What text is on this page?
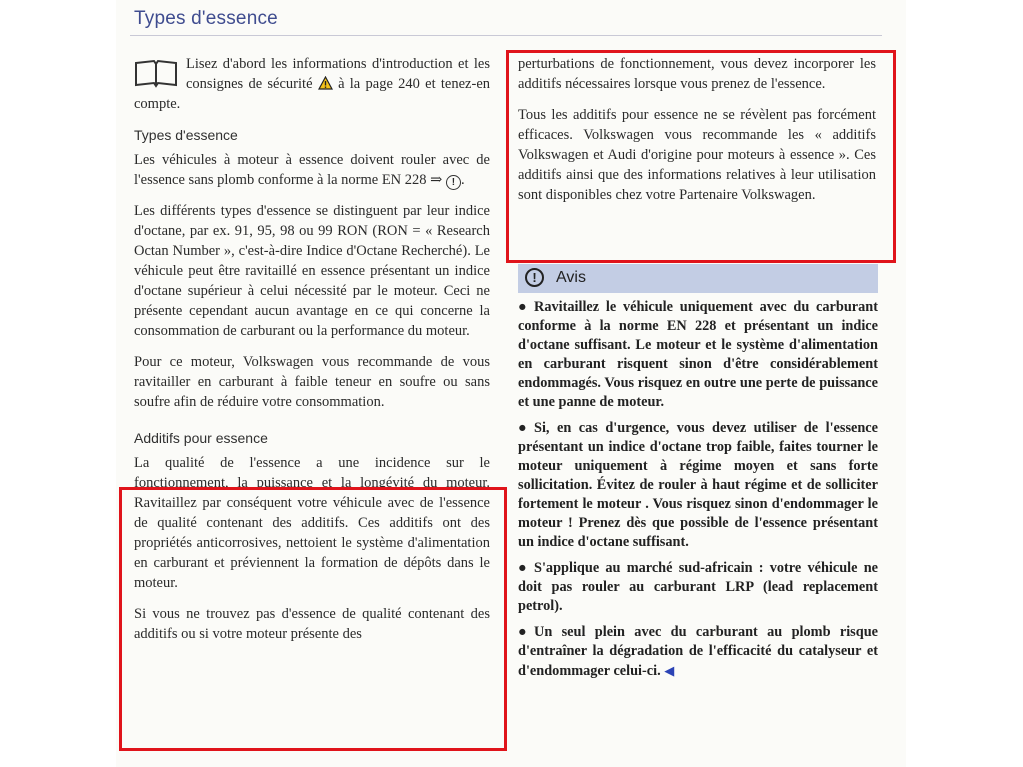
Types d'essence

Lisez d'abord les informations d'introduction et les consignes de sécurité à la page 240 et tenez-en compte.

Types d'essence

Les véhicules à moteur à essence doivent rouler avec de l'essence sans plomb conforme à la norme EN 228 ⇒ ! .

Les différents types d'essence se distinguent par leur indice d'octane, par ex. 91, 95, 98 ou 99 RON (RON = « Research Octan Number », c'est-à-dire Indice d'Octane Recherché). Le véhicule peut être ravitaillé en essence présentant un indice d'octane supérieur à celui nécessité par le moteur. Ceci ne présente cependant aucun avantage en ce qui concerne la consommation de carburant ou la performance du moteur.

Pour ce moteur, Volkswagen vous recommande de vous ravitailler en carburant à faible teneur en soufre ou sans soufre afin de réduire votre consommation.

Additifs pour essence

La qualité de l'essence a une incidence sur le fonctionnement, la puissance et la longévité du moteur. Ravitaillez par conséquent votre véhicule avec de l'essence de qualité contenant des additifs. Ces additifs ont des propriétés anticorrosives, nettoient le système d'alimentation en carburant et préviennent la formation de dépôts dans le moteur.

Si vous ne trouvez pas d'essence de qualité contenant des additifs ou si votre moteur présente des

perturbations de fonctionnement, vous devez incorporer les additifs nécessaires lorsque vous prenez de l'essence.

Tous les additifs pour essence ne se révèlent pas forcément efficaces. Volkswagen vous recommande les « additifs Volkswagen et Audi d'origine pour moteurs à essence ». Ces additifs ainsi que des informations relatives à leur utilisation sont disponibles chez votre Partenaire Volkswagen.

!	Avis
● Ravitaillez le véhicule uniquement avec du carburant conforme à la norme EN 228 et présentant un indice d'octane suffisant. Le moteur et le système d'alimentation en carburant risquent sinon d'être considérablement endommagés. Vous risquez en outre une perte de puissance et une panne de moteur.
● Si, en cas d'urgence, vous devez utiliser de l'essence présentant un indice d'octane trop faible, faites tourner le moteur uniquement à régime moyen et sans forte sollicitation. Évitez de rouler à haut régime et de solliciter fortement le moteur . Vous risquez sinon d'endommager le moteur ! Prenez dès que possible de l'essence présentant un indice d'octane suffisant.
● S'applique au marché sud-africain : votre véhicule ne doit pas rouler au carburant LRP (lead replacement petrol).
● Un seul plein avec du carburant au plomb risque d'entraîner la dégradation de l'efficacité du catalyseur et d'endommager celui-ci. ◀
